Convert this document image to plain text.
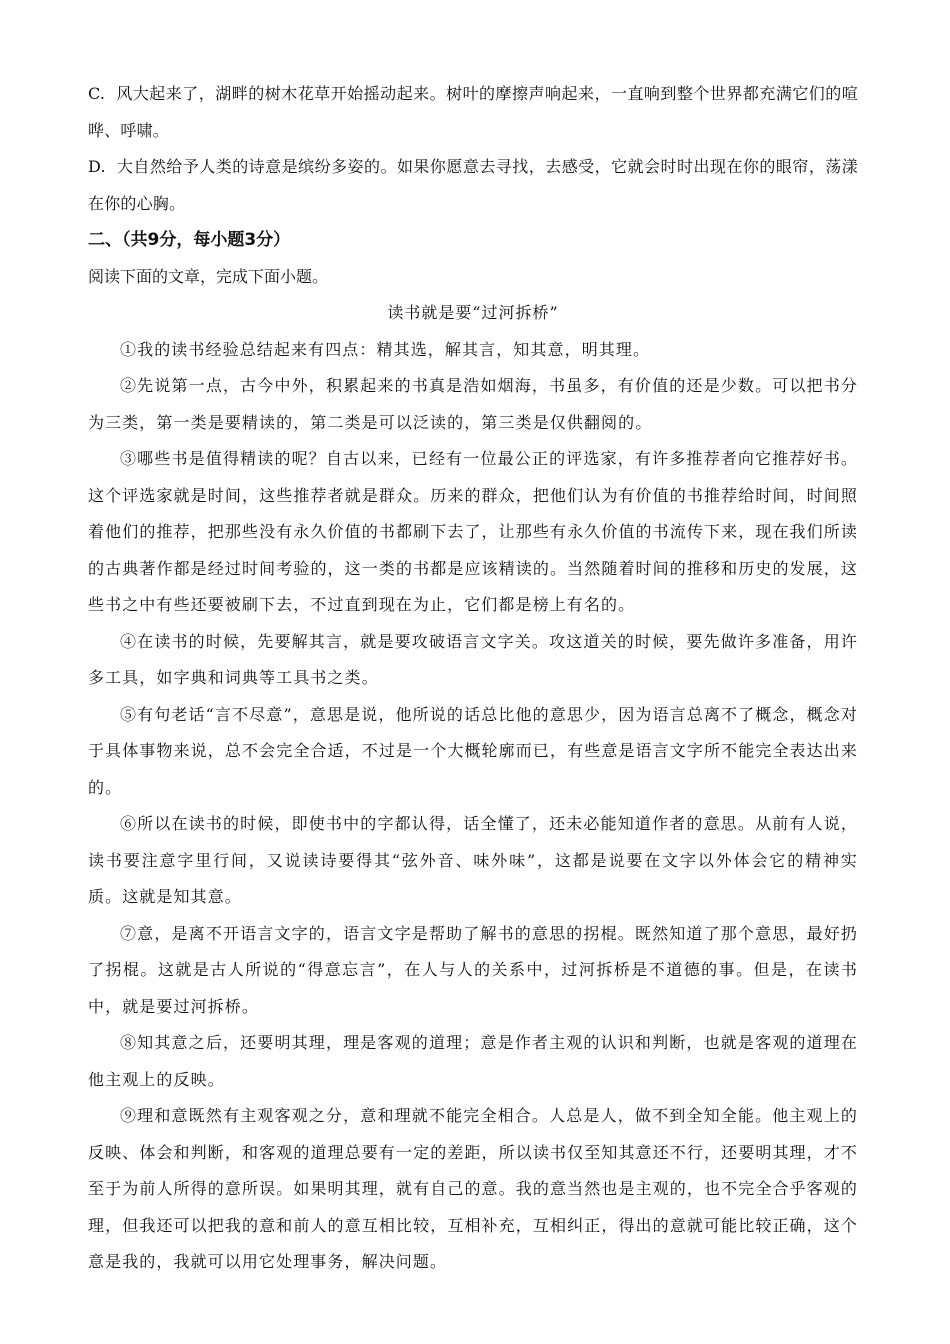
C. 风大起来了，湖畔的树木花草开始摇动起来。树叶的摩擦声响起来，一直响到整个世界都充满它们的喧哗、呼啸。

D. 大自然给予人类的诗意是缤纷多姿的。如果你愿意去寻找，去感受，它就会时时出现在你的眼帘，荡漾在你的心胸。

二、（共9分，每小题3分）

阅读下面的文章，完成下面小题。

读书就是要“过河拆桥”

①我的读书经验总结起来有四点：精其选，解其言，知其意，明其理。

②先说第一点，古今中外，积累起来的书真是浩如烟海，书虽多，有价值的还是少数。可以把书分为三类，第一类是要精读的，第二类是可以泛读的，第三类是仅供翻阅的。

③哪些书是值得精读的呢？自古以来，已经有一位最公正的评选家，有许多推荐者向它推荐好书。这个评选家就是时间，这些推荐者就是群众。历来的群众，把他们认为有价值的书推荐给时间，时间照着他们的推荐，把那些没有永久价值的书都刷下去了，让那些有永久价值的书流传下来，现在我们所读的古典著作都是经过时间考验的，这一类的书都是应该精读的。当然随着时间的推移和历史的发展，这些书之中有些还要被刷下去，不过直到现在为止，它们都是榜上有名的。

④在读书的时候，先要解其言，就是要攻破语言文字关。攻这道关的时候，要先做许多准备，用许多工具，如字典和词典等工具书之类。

⑤有句老话“言不尽意”，意思是说，他所说的话总比他的意思少，因为语言总离不了概念，概念对于具体事物来说，总不会完全合适，不过是一个大概轮廓而已，有些意是语言文字所不能完全表达出来的。

⑥所以在读书的时候，即使书中的字都认得，话全懂了，还未必能知道作者的意思。从前有人说，读书要注意字里行间，又说读诗要得其“弦外音、味外味”，这都是说要在文字以外体会它的精神实质。这就是知其意。

⑦意，是离不开语言文字的，语言文字是帮助了解书的意思的拐棍。既然知道了那个意思，最好扔了拐棍。这就是古人所说的“得意忘言”，在人与人的关系中，过河拆桥是不道德的事。但是，在读书中，就是要过河拆桥。

⑧知其意之后，还要明其理，理是客观的道理；意是作者主观的认识和判断，也就是客观的道理在他主观上的反映。

⑨理和意既然有主观客观之分，意和理就不能完全相合。人总是人，做不到全知全能。他主观上的反映、体会和判断，和客观的道理总要有一定的差距，所以读书仅至知其意还不行，还要明其理，才不至于为前人所得的意所误。如果明其理，就有自己的意。我的意当然也是主观的，也不完全合乎客观的理，但我还可以把我的意和前人的意互相比较，互相补充，互相纠正，得出的意就可能比较正确，这个意是我的，我就可以用它处理事务，解决问题。
